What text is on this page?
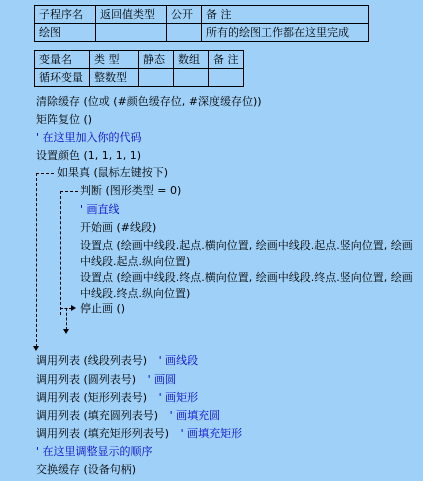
子程序名	返回值类型	公开	备 注
绘图			所有的绘图工作都在这里完成
变量名	类 型	静态	数组	备 注
循环变量	整数型			
清除缓存 (位或 (#颜色缓存位, #深度缓存位))
矩阵复位 ()
' 在这里加入你的代码
设置颜色 (1, 1, 1, 1)
如果真 (鼠标左键按下)
判断 (图形类型 = 0)
' 画直线
开始画 (#线段)
设置点 (绘画中线段.起点.横向位置, 绘画中线段.起点.竖向位置, 绘画中线段.起点.纵向位置)
设置点 (绘画中线段.终点.横向位置, 绘画中线段.终点.竖向位置, 绘画中线段.终点.纵向位置)
停止画 ()
调用列表 (线段列表号) ' 画线段
调用列表 (圆列表号) ' 画圆
调用列表 (矩形列表号) ' 画矩形
调用列表 (填充圆列表号) ' 画填充圆
调用列表 (填充矩形列表号) ' 画填充矩形
' 在这里调整显示的顺序
交换缓存 (设备句柄)
